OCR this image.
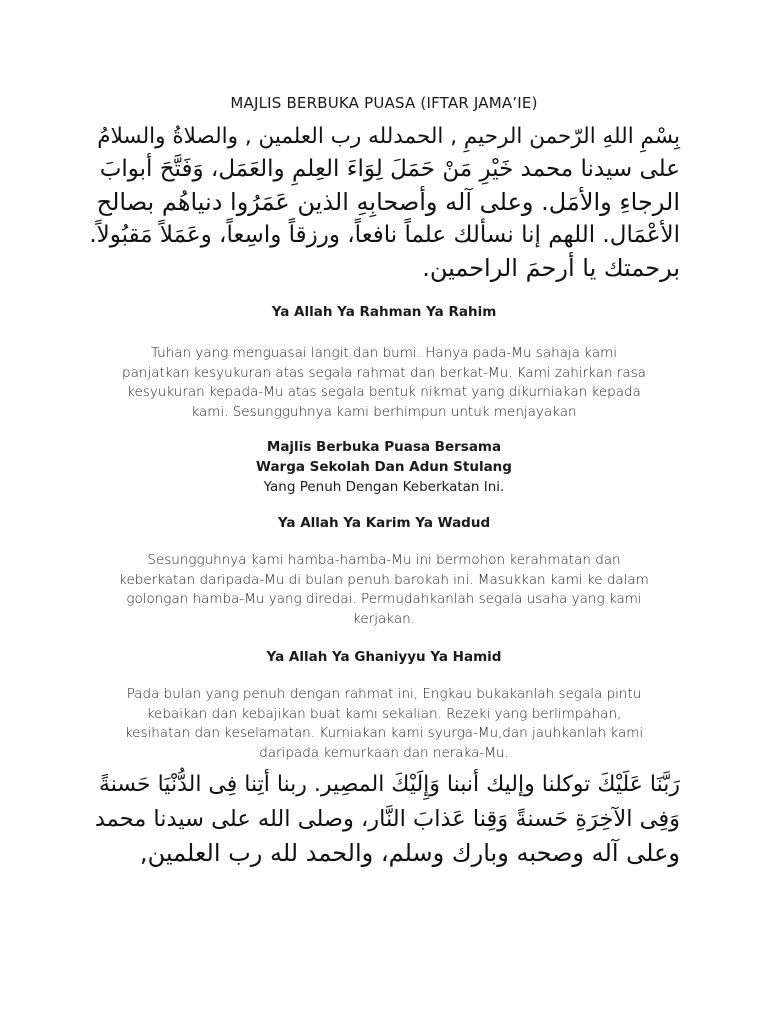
MAJLIS BERBUKA PUASA (IFTAR JAMA’IE)
بِسْمِ اللهِ الرّحمن الرحيمِ , الحمدلله رب العلمين , والصلاةُ والسلامُ
على سيدنا محمد خَيْرِ مَنْ حَمَلَ لِوَاءَ العِلمِ والعَمَل، وَفَتَّحَ أبوابَ
الرجاءِ والأمَل. وعلى آله وأصحابِهِ الذين عَمَرُوا دنياهُم بصالح
الأعْمَال. اللهم إنا نسألك علماً نافعاً، ورزقاً واسِعاً، وعَمَلاً مَقبُولاً.
برحمتك يا أرحمَ الراحمين.
Ya Allah Ya Rahman Ya Rahim
Tuhan yang menguasai langit dan bumi. Hanya pada-Mu sahaja kami
panjatkan kesyukuran atas segala rahmat dan berkat-Mu. Kami zahirkan rasa
kesyukuran kepada-Mu atas segala bentuk nikmat yang dikurniakan kepada
kami. Sesungguhnya kami berhimpun untuk menjayakan
Majlis Berbuka Puasa Bersama
Warga Sekolah Dan Adun Stulang
Yang Penuh Dengan Keberkatan Ini.
Ya Allah Ya Karim Ya Wadud
Sesungguhnya kami hamba-hamba-Mu ini bermohon kerahmatan dan
keberkatan daripada-Mu di bulan penuh barokah ini. Masukkan kami ke dalam
golongan hamba-Mu yang diredai. Permudahkanlah segala usaha yang kami
kerjakan.
Ya Allah Ya Ghaniyyu Ya Hamid
Pada bulan yang penuh dengan rahmat ini, Engkau bukakanlah segala pintu
kebaikan dan kebajikan buat kami sekalian. Rezeki yang berlimpahan,
kesihatan dan keselamatan. Kurniakan kami syurga-Mu,dan jauhkanlah kami
daripada kemurkaan dan neraka-Mu.
رَبَّنَا عَلَيْكَ توكلنا وإليك أنبنا وَإِلَيْكَ المصِير. ربنا أتِنا فِى الدُّنْيَا حَسنةً
وَفِى الآخِرَةِ حَسنةً وَقِنا عَذابَ النَّار، وصلى الله على سيدنا محمد
وعلى آله وصحبه وبارك وسلم، والحمد لله رب العلمين,
